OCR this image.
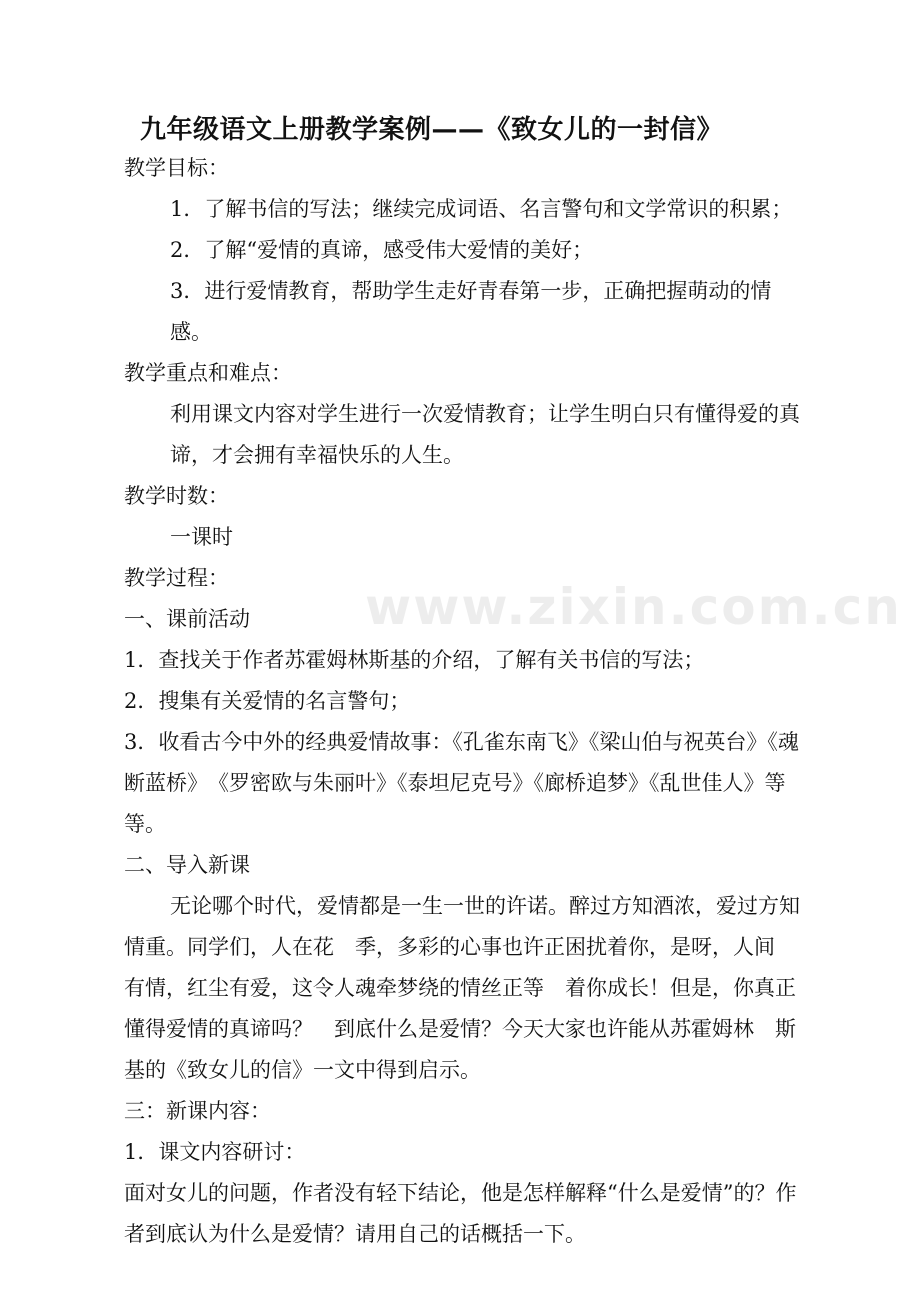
www.zixin.com.cn
九年级语文上册教学案例——《致女儿的一封信》

教学目标：

1．了解书信的写法；继续完成词语、名言警句和文学常识的积累；

2．了解“爱情的真谛，感受伟大爱情的美好；

3．进行爱情教育，帮助学生走好青春第一步，正确把握萌动的情感。

教学重点和难点：

利用课文内容对学生进行一次爱情教育；让学生明白只有懂得爱的真谛，才会拥有幸福快乐的人生。

教学时数：

一课时

教学过程：

一、课前活动

1．查找关于作者苏霍姆林斯基的介绍，了解有关书信的写法；

2．搜集有关爱情的名言警句；

3．收看古今中外的经典爱情故事：《孔雀东南飞》《梁山伯与祝英台》《魂断蓝桥》　《罗密欧与朱丽叶》《泰坦尼克号》《廊桥追梦》《乱世佳人》等等。

二、导入新课

无论哪个时代，爱情都是一生一世的许诺。醉过方知酒浓，爱过方知情重。同学们，人在花　季，多彩的心事也许正困扰着你，是呀，人间　有情，红尘有爱，这令人魂牵梦绕的情丝正等　着你成长！但是，你真正懂得爱情的真谛吗？　到底什么是爱情？今天大家也许能从苏霍姆林　斯基的《致女儿的信》一文中得到启示。

三：新课内容：

1．课文内容研讨：

面对女儿的问题，作者没有轻下结论，他是怎样解释“什么是爱情”的？作者到底认为什么是爱情？请用自己的话概括一下。
